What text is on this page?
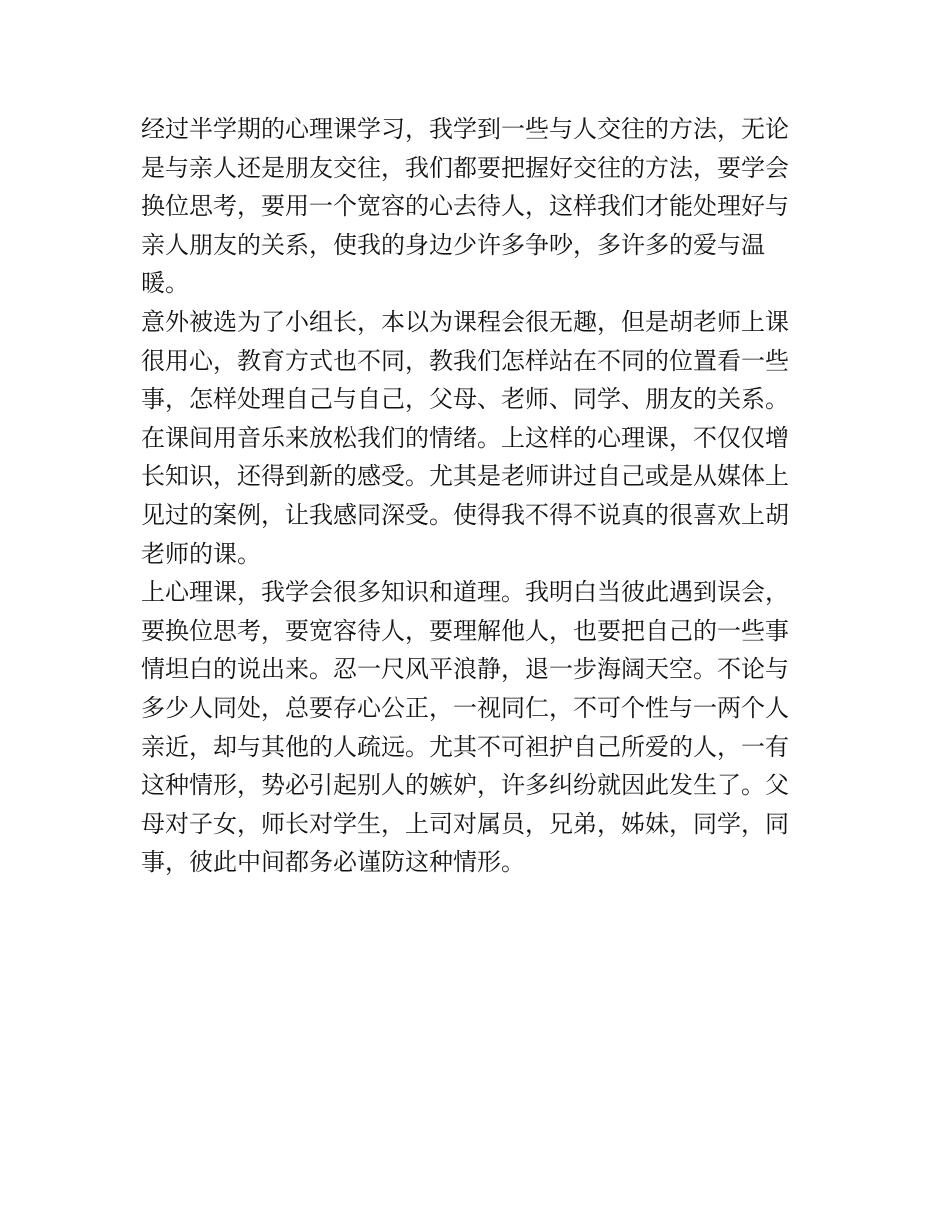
经过半学期的心理课学习，我学到一些与人交往的方法，无论
是与亲人还是朋友交往，我们都要把握好交往的方法，要学会
换位思考，要用一个宽容的心去待人，这样我们才能处理好与
亲人朋友的关系，使我的身边少许多争吵，多许多的爱与温
暖。
意外被选为了小组长，本以为课程会很无趣，但是胡老师上课
很用心，教育方式也不同，教我们怎样站在不同的位置看一些
事，怎样处理自己与自己，父母、老师、同学、朋友的关系。
在课间用音乐来放松我们的情绪。上这样的心理课，不仅仅增
长知识，还得到新的感受。尤其是老师讲过自己或是从媒体上
见过的案例，让我感同深受。使得我不得不说真的很喜欢上胡
老师的课。
上心理课，我学会很多知识和道理。我明白当彼此遇到误会，
要换位思考，要宽容待人，要理解他人，也要把自己的一些事
情坦白的说出来。忍一尺风平浪静，退一步海阔天空。不论与
多少人同处，总要存心公正，一视同仁，不可个性与一两个人
亲近，却与其他的人疏远。尤其不可袒护自己所爱的人，一有
这种情形，势必引起别人的嫉妒，许多纠纷就因此发生了。父
母对子女，师长对学生，上司对属员，兄弟，姊妹，同学，同
事，彼此中间都务必谨防这种情形。
